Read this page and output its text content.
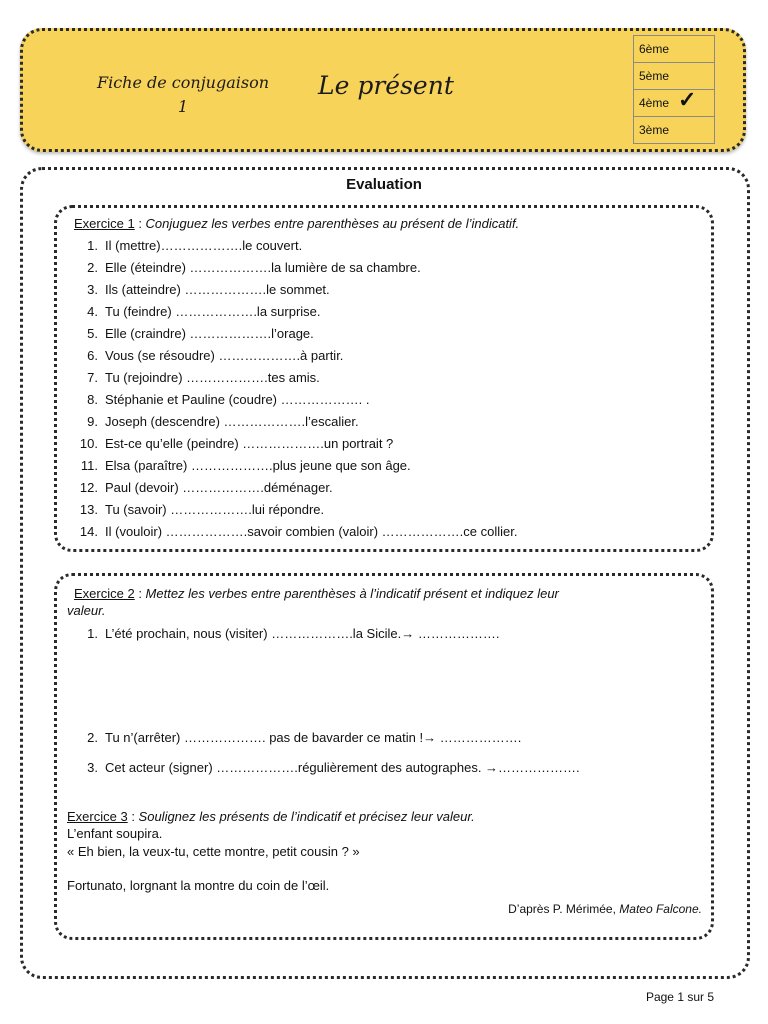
Fiche de conjugaison
1
Le présent
6ème
5ème
4ème ✓
3ème
Evaluation
Exercice 1 : Conjuguez les verbes entre parenthèses au présent de l’indicatif.
1. Il (mettre)……………….le couvert.
2. Elle (éteindre) ……………….la lumière de sa chambre.
3. Ils (atteindre) ……………….le sommet.
4. Tu (feindre) ……………….la surprise.
5. Elle (craindre) ……………….l’orage.
6. Vous (se résoudre) ……………….à partir.
7. Tu (rejoindre) ……………….tes amis.
8. Stéphanie et Pauline (coudre) ………………. .
9. Joseph (descendre) ……………….l’escalier.
10. Est-ce qu’elle (peindre) ……………….un portrait ?
11. Elsa (paraître) ……………….plus jeune que son âge.
12. Paul (devoir) ……………….déménager.
13. Tu (savoir) ……………….lui répondre.
14. Il (vouloir) ……………….savoir combien (valoir) ……………….ce collier.
Exercice 2 : Mettez les verbes entre parenthèses à l’indicatif présent et indiquez leur
valeur.
1. L’été prochain, nous (visiter) ……………….la Sicile.→ ……………….
2. Tu n’(arrêter) ………………. pas de bavarder ce matin !→ ……………….
3. Cet acteur (signer) ……………….régulièrement des autographes. →……………….
Exercice 3 : Soulignez les présents de l’indicatif et précisez leur valeur.
L’enfant soupira.
« Eh bien, la veux-tu, cette montre, petit cousin ? »
Fortunato, lorgnant la montre du coin de l’œil.
D’après P. Mérimée, Mateo Falcone.
Page 1 sur 5
